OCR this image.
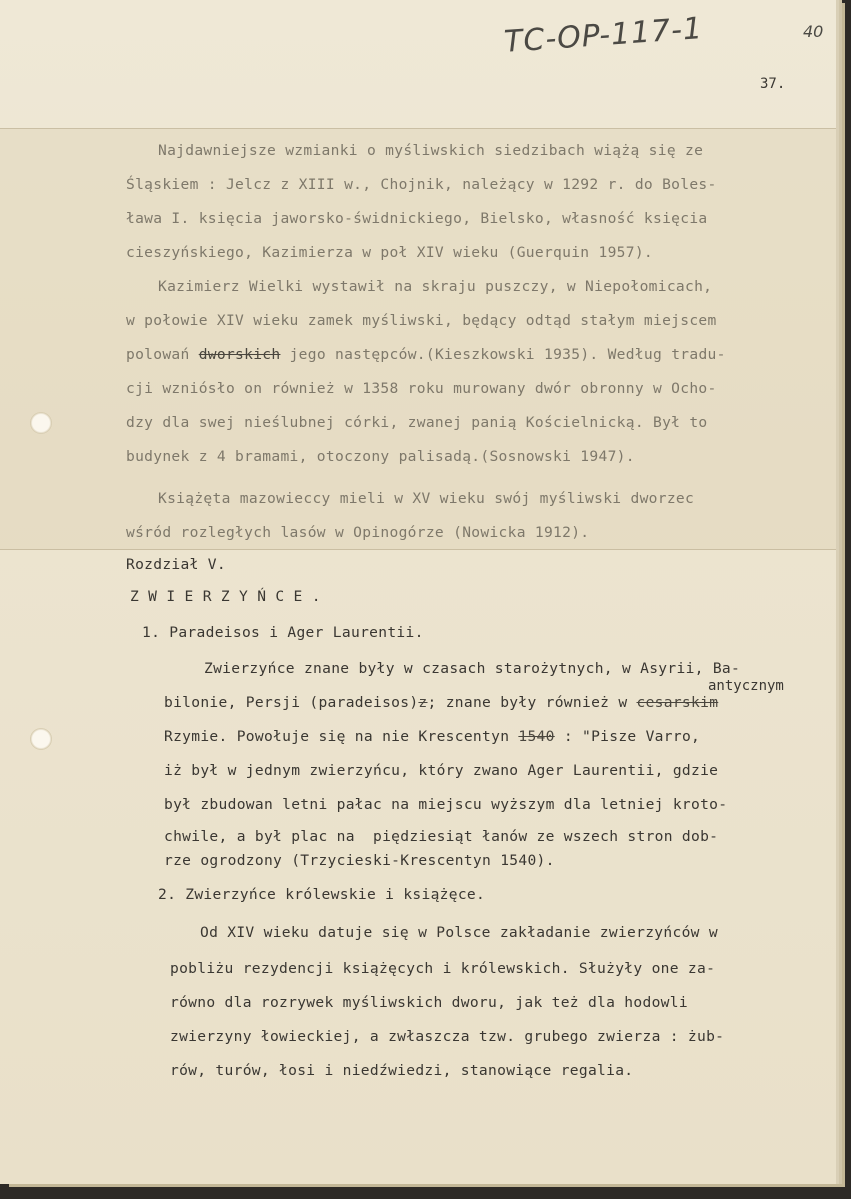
TC-OP-117-1	40
37.
Najdawniejsze wzmianki o myśliwskich siedzibach wiążą się ze
Śląskiem : Jelcz z XIII w., Chojnik, należący w 1292 r. do Boles-
ława I. księcia jaworsko-świdnickiego, Bielsko, własność księcia
cieszyńskiego, Kazimierza w poł XIV wieku (Guerquin 1957).
Kazimierz Wielki wystawił na skraju puszczy, w Niepołomicach,
w połowie XIV wieku zamek myśliwski, będący odtąd stałym miejscem
polowań dworskich jego następców.(Kieszkowski 1935). Według tradu-
cji wzniósło on również w 1358 roku murowany dwór obronny w Ocho-
dzy dla swej nieślubnej córki, zwanej panią Kościelnicką. Był to
budynek z 4 bramami, otoczony palisadą.(Sosnowski 1947).
Książęta mazowieccy mieli w XV wieku swój myśliwski dworzec
wśród rozległych lasów w Opinogórze (Nowicka 1912).
Rozdział V.
Z W I E R Z Y Ń C E .
1. Paradeisos i Ager Laurentii.
antycznym
Zwierzyńce znane były w czasach starożytnych, w Asyrii, Ba-
bilonie, Persji (paradeisos)z; znane były również w cesarskim
Rzymie. Powołuje się na nie Krescentyn 1540 : "Pisze Varro,
iż był w jednym zwierzyńcu, który zwano Ager Laurentii, gdzie
był zbudowan letni pałac na miejscu wyższym dla letniej kroto-
chwile, a był plac na  piędziesiąt łanów ze wszech stron dob-
rze ogrodzony (Trzycieski-Krescentyn 1540).
2. Zwierzyńce królewskie i książęce.
Od XIV wieku datuje się w Polsce zakładanie zwierzyńców w
pobliżu rezydencji książęcych i królewskich. Służyły one za-
równo dla rozrywek myśliwskich dworu, jak też dla hodowli
zwierzyny łowieckiej, a zwłaszcza tzw. grubego zwierza : żub-
rów, turów, łosi i niedźwiedzi, stanowiące regalia.
